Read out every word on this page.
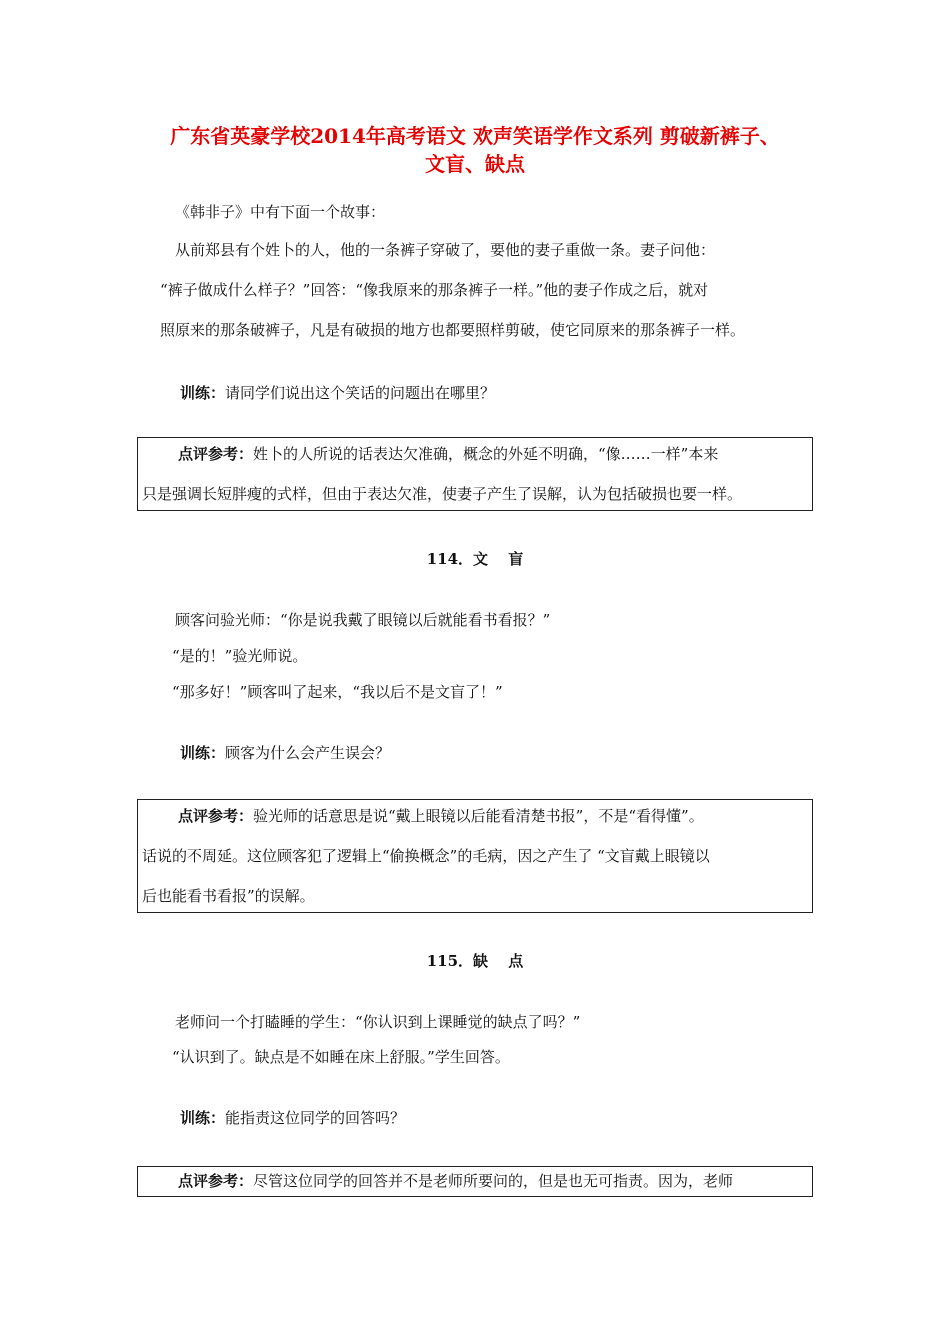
广东省英豪学校2014年高考语文 欢声笑语学作文系列 剪破新裤子、
文盲、缺点
《韩非子》中有下面一个故事：
从前郑县有个姓卜的人，他的一条裤子穿破了，要他的妻子重做一条。妻子问他：
“裤子做成什么样子？”回答：“像我原来的那条裤子一样。”他的妻子作成之后，就对
照原来的那条破裤子，凡是有破损的地方也都要照样剪破，使它同原来的那条裤子一样。
训练：请同学们说出这个笑话的问题出在哪里？
点评参考：姓卜的人所说的话表达欠准确，概念的外延不明确，“像……一样”本来
只是强调长短胖瘦的式样，但由于表达欠准，使妻子产生了误解，认为包括破损也要一样。
114．文　 盲
顾客问验光师：“你是说我戴了眼镜以后就能看书看报？”
“是的！”验光师说。
“那多好！”顾客叫了起来，“我以后不是文盲了！”
训练：顾客为什么会产生误会？
点评参考：验光师的话意思是说“戴上眼镜以后能看清楚书报”，不是“看得懂”。
话说的不周延。这位顾客犯了逻辑上“偷换概念”的毛病，因之产生了 “文盲戴上眼镜以
后也能看书看报”的误解。
115．缺　 点
老师问一个打瞌睡的学生：“你认识到上课睡觉的缺点了吗？”
“认识到了。缺点是不如睡在床上舒服。”学生回答。
训练：能指责这位同学的回答吗？
点评参考：尽管这位同学的回答并不是老师所要问的，但是也无可指责。因为，老师
